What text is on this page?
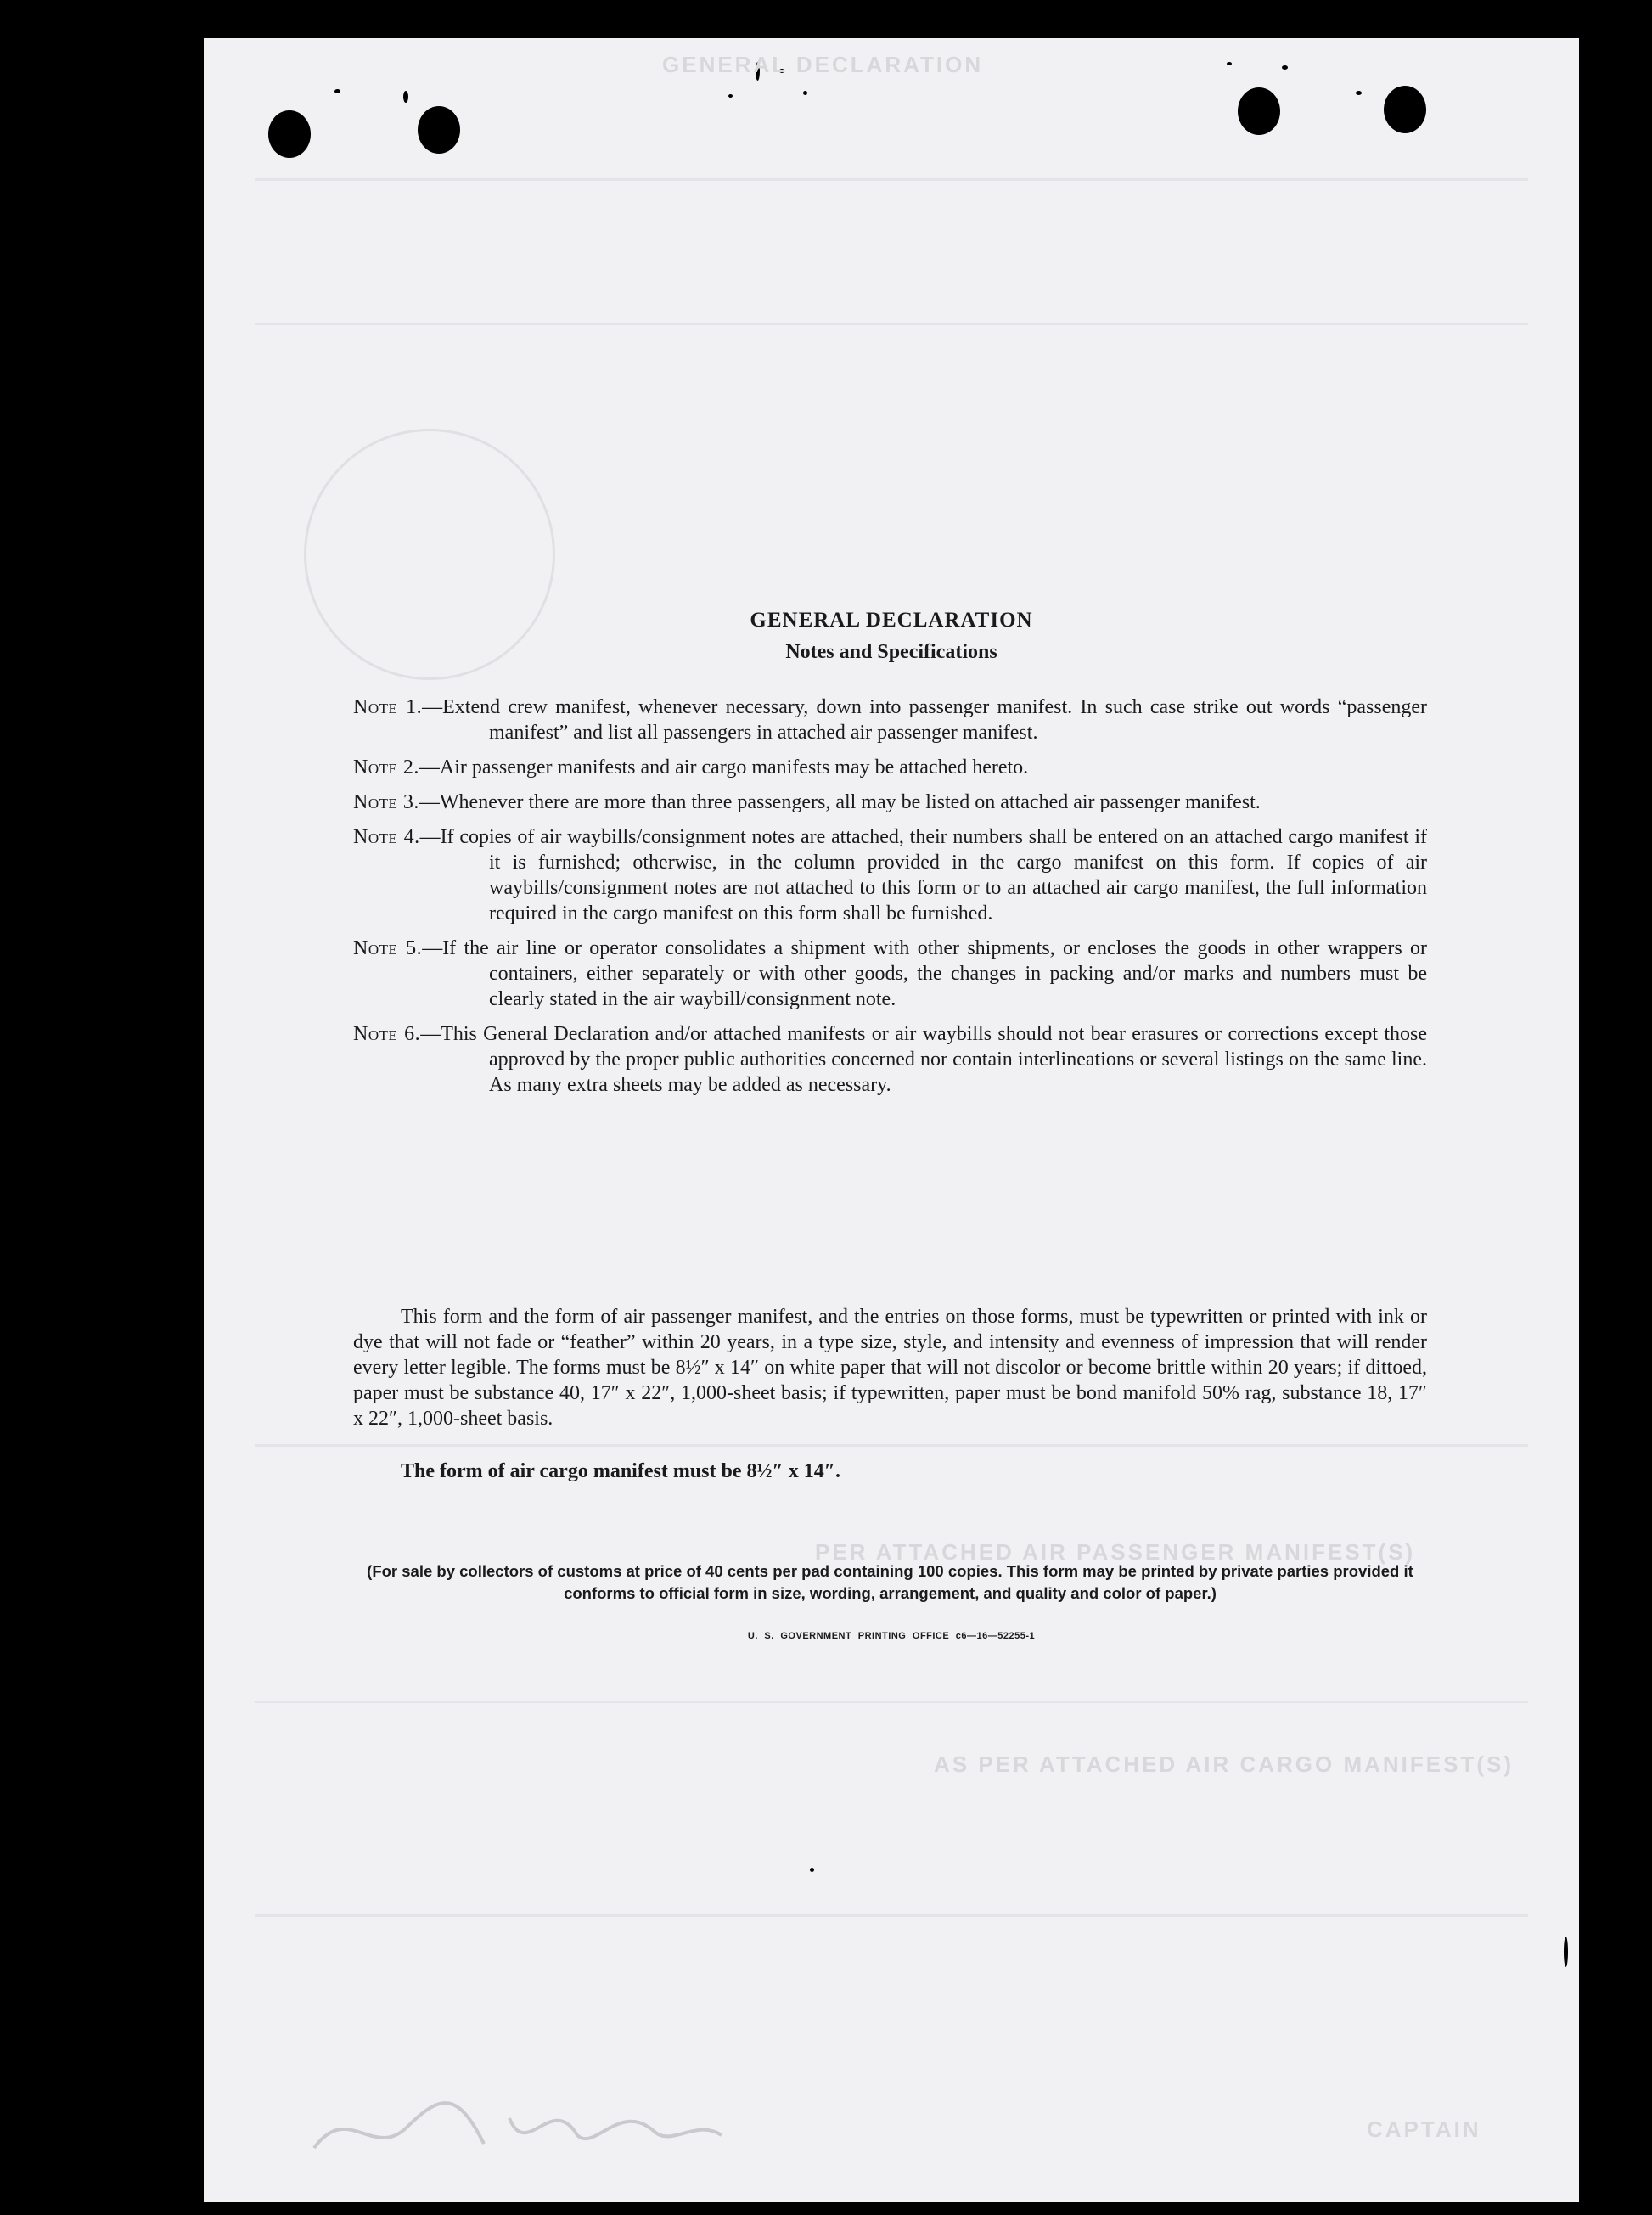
GENERAL DECLARATION
PER ATTACHED AIR PASSENGER MANIFEST(S)
AS PER ATTACHED AIR CARGO MANIFEST(S)
CAPTAIN
GENERAL DECLARATION
Notes and Specifications
Note 1.—Extend crew manifest, whenever necessary, down into passenger manifest. In such case strike out words “passenger manifest” and list all passengers in attached air passenger manifest.
Note 2.—Air passenger manifests and air cargo manifests may be attached hereto.
Note 3.—Whenever there are more than three passengers, all may be listed on attached air passenger manifest.
Note 4.—If copies of air waybills/consignment notes are attached, their numbers shall be entered on an attached cargo manifest if it is furnished; otherwise, in the column provided in the cargo manifest on this form. If copies of air waybills/consignment notes are not attached to this form or to an attached air cargo manifest, the full information required in the cargo manifest on this form shall be furnished.
Note 5.—If the air line or operator consolidates a shipment with other shipments, or encloses the goods in other wrappers or containers, either separately or with other goods, the changes in packing and/or marks and numbers must be clearly stated in the air waybill/consignment note.
Note 6.—This General Declaration and/or attached manifests or air waybills should not bear erasures or corrections except those approved by the proper public authorities concerned nor contain interlineations or several listings on the same line. As many extra sheets may be added as necessary.

This form and the form of air passenger manifest, and the entries on those forms, must be typewritten or printed with ink or dye that will not fade or “feather” within 20 years, in a type size, style, and intensity and evenness of impression that will render every letter legible. The forms must be 8½″ x 14″ on white paper that will not discolor or become brittle within 20 years; if dittoed, paper must be substance 40, 17″ x 22″, 1,000-sheet basis; if typewritten, paper must be bond manifold 50% rag, substance 18, 17″ x 22″, 1,000-sheet basis.

The form of air cargo manifest must be 8½″ x 14″.

(For sale by collectors of customs at price of 40 cents per pad containing 100 copies. This form may be printed by private parties provided it conforms to official form in size, wording, arrangement, and quality and color of paper.)
U. S. GOVERNMENT PRINTING OFFICE c6—16—52255-1
